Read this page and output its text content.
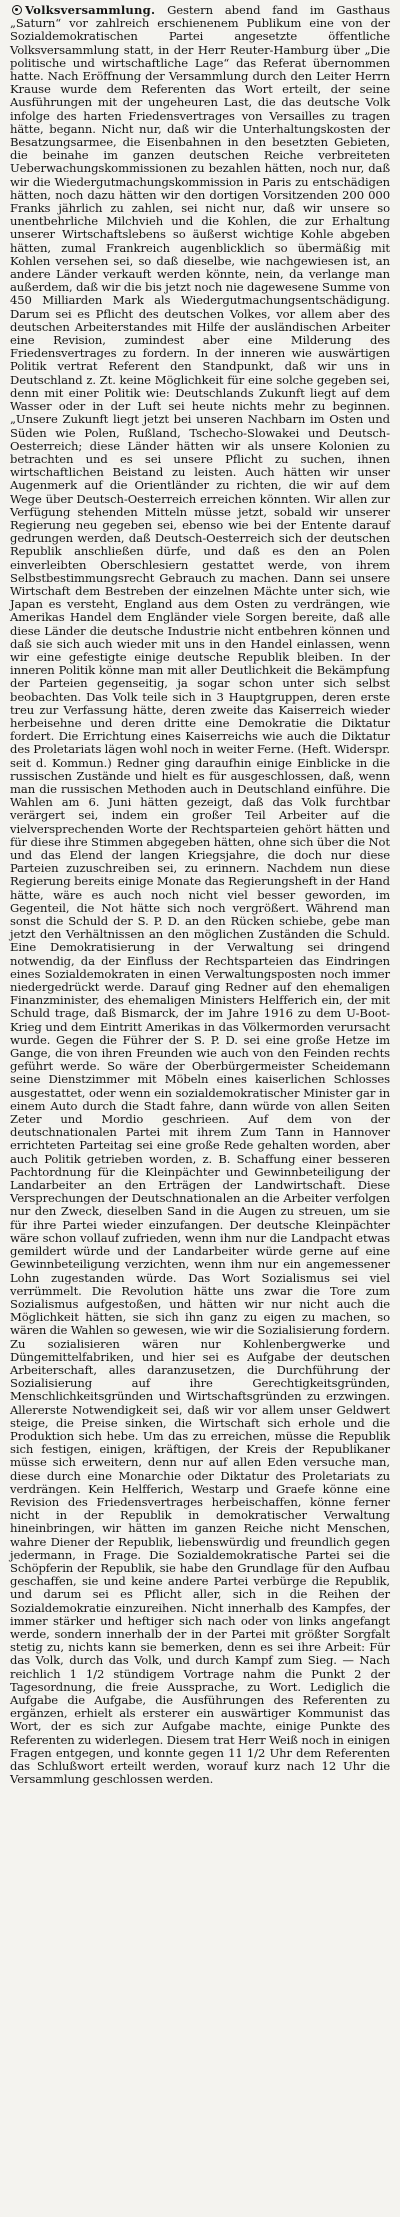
Volksversammlung. Gestern abend fand im Gasthaus „Saturn“ vor zahlreich erschienenem Publikum eine von der Sozialdemokratischen Partei angesetzte öffentliche Volksversammlung statt, in der Herr Reuter-Hamburg über „Die politische und wirtschaftliche Lage“ das Referat übernommen hatte. Nach Eröffnung der Versammlung durch den Leiter Herrn Krause wurde dem Referenten das Wort erteilt, der seine Ausführungen mit der ungeheuren Last, die das deutsche Volk infolge des harten Friedensvertrages von Versailles zu tragen hätte, begann. Nicht nur, daß wir die Unterhaltungskosten der Besatzungsarmee, die Eisenbahnen in den besetzten Gebieten, die beinahe im ganzen deutschen Reiche verbreiteten Ueberwachungskommissionen zu bezahlen hätten, noch nur, daß wir die Wiedergutmachungskommission in Paris zu entschädigen hätten, noch dazu hätten wir den dortigen Vorsitzenden 200 000 Franks jährlich zu zahlen, sei nicht nur, daß wir unsere so unentbehrliche Milchvieh und die Kohlen, die zur Erhaltung unserer Wirtschaftslebens so äußerst wichtige Kohle abgeben hätten, zumal Frankreich augenblicklich so übermäßig mit Kohlen versehen sei, so daß dieselbe, wie nachgewiesen ist, an andere Länder verkauft werden könnte, nein, da verlange man außerdem, daß wir die bis jetzt noch nie dagewesene Summe von 450 Milliarden Mark als Wiedergutmachungsentschädigung. Darum sei es Pflicht des deutschen Volkes, vor allem aber des deutschen Arbeiterstandes mit Hilfe der ausländischen Arbeiter eine Revision, zumindest aber eine Milderung des Friedensvertrages zu fordern. In der inneren wie auswärtigen Politik vertrat Referent den Standpunkt, daß wir uns in Deutschland z. Zt. keine Möglichkeit für eine solche gegeben sei, denn mit einer Politik wie: Deutschlands Zukunft liegt auf dem Wasser oder in der Luft sei heute nichts mehr zu beginnen. „Unsere Zukunft liegt jetzt bei unseren Nachbarn im Osten und Süden wie Polen, Rußland, Tschecho-Slowakei und Deutsch-Oesterreich; diese Länder hätten wir als unsere Kolonien zu betrachten und es sei unsere Pflicht zu suchen, ihnen wirtschaftlichen Beistand zu leisten. Auch hätten wir unser Augenmerk auf die Orientländer zu richten, die wir auf dem Wege über Deutsch-Oesterreich erreichen könnten. Wir allen zur Verfügung stehenden Mitteln müsse jetzt, sobald wir unserer Regierung neu gegeben sei, ebenso wie bei der Entente darauf gedrungen werden, daß Deutsch-Oesterreich sich der deutschen Republik anschließen dürfe, und daß es den an Polen einverleibten Oberschlesiern gestattet werde, von ihrem Selbstbestimmungsrecht Gebrauch zu machen. Dann sei unsere Wirtschaft dem Bestreben der einzelnen Mächte unter sich, wie Japan es versteht, England aus dem Osten zu verdrängen, wie Amerikas Handel dem Engländer viele Sorgen bereite, daß alle diese Länder die deutsche Industrie nicht entbehren können und daß sie sich auch wieder mit uns in den Handel einlassen, wenn wir eine gefestigte einige deutsche Republik bleiben. In der inneren Politik könne man mit aller Deutlichkeit die Bekämpfung der Parteien gegenseitig, ja sogar schon unter sich selbst beobachten. Das Volk teile sich in 3 Hauptgruppen, deren erste treu zur Verfassung hätte, deren zweite das Kaiserreich wieder herbeisehne und deren dritte eine Demokratie die Diktatur fordert. Die Errichtung eines Kaiserreichs wie auch die Diktatur des Proletariats lägen wohl noch in weiter Ferne. (Heft. Widerspr. seit d. Kommun.) Redner ging daraufhin einige Einblicke in die russischen Zustände und hielt es für ausgeschlossen, daß, wenn man die russischen Methoden auch in Deutschland einführe. Die Wahlen am 6. Juni hätten gezeigt, daß das Volk furchtbar verärgert sei, indem ein großer Teil Arbeiter auf die vielversprechenden Worte der Rechtsparteien gehört hätten und für diese ihre Stimmen abgegeben hätten, ohne sich über die Not und das Elend der langen Kriegsjahre, die doch nur diese Parteien zuzuschreiben sei, zu erinnern. Nachdem nun diese Regierung bereits einige Monate das Regierungsheft in der Hand hätte, wäre es auch noch nicht viel besser geworden, im Gegenteil, die Not hätte sich noch vergrößert. Während man sonst die Schuld der S. P. D. an den Rücken schiebe, gebe man jetzt den Verhältnissen an den möglichen Zuständen die Schuld. Eine Demokratisierung in der Verwaltung sei dringend notwendig, da der Einfluss der Rechtsparteien das Eindringen eines Sozialdemokraten in einen Verwaltungsposten noch immer niedergedrückt werde. Darauf ging Redner auf den ehemaligen Finanzminister, des ehemaligen Ministers Helfferich ein, der mit Schuld trage, daß Bismarck, der im Jahre 1916 zu dem U-Boot-Krieg und dem Eintritt Amerikas in das Völkermorden verursacht wurde. Gegen die Führer der S. P. D. sei eine große Hetze im Gange, die von ihren Freunden wie auch von den Feinden rechts geführt werde. So wäre der Oberbürgermeister Scheidemann seine Dienstzimmer mit Möbeln eines kaiserlichen Schlosses ausgestattet, oder wenn ein sozialdemokratischer Minister gar in einem Auto durch die Stadt fahre, dann würde von allen Seiten Zeter und Mordio geschrieen. Auf dem von der deutschnationalen Partei mit ihrem Zum Tann in Hannover errichteten Parteitag sei eine große Rede gehalten worden, aber auch Politik getrieben worden, z. B. Schaffung einer besseren Pachtordnung für die Kleinpächter und Gewinnbeteiligung der Landarbeiter an den Erträgen der Landwirtschaft. Diese Versprechungen der Deutschnationalen an die Arbeiter verfolgen nur den Zweck, dieselben Sand in die Augen zu streuen, um sie für ihre Partei wieder einzufangen. Der deutsche Kleinpächter wäre schon vollauf zufrieden, wenn ihm nur die Landpacht etwas gemildert würde und der Landarbeiter würde gerne auf eine Gewinnbeteiligung verzichten, wenn ihm nur ein angemessener Lohn zugestanden würde. Das Wort Sozialismus sei viel verrümmelt. Die Revolution hätte uns zwar die Tore zum Sozialismus aufgestoßen, und hätten wir nur nicht auch die Möglichkeit hätten, sie sich ihn ganz zu eigen zu machen, so wären die Wahlen so gewesen, wie wir die Sozialisierung fordern. Zu sozialisieren wären nur Kohlenbergwerke und Düngemittelfabriken, und hier sei es Aufgabe der deutschen Arbeiterschaft, alles daranzusetzen, die Durchführung der Sozialisierung auf ihre Gerechtigkeitsgründen, Menschlichkeitsgründen und Wirtschaftsgründen zu erzwingen. Allererste Notwendigkeit sei, daß wir vor allem unser Geldwert steige, die Preise sinken, die Wirtschaft sich erhole und die Produktion sich hebe. Um das zu erreichen, müsse die Republik sich festigen, einigen, kräftigen, der Kreis der Republikaner müsse sich erweitern, denn nur auf allen Eden versuche man, diese durch eine Monarchie oder Diktatur des Proletariats zu verdrängen. Kein Helfferich, Westarp und Graefe könne eine Revision des Friedensvertrages herbeischaffen, könne ferner nicht in der Republik in demokratischer Verwaltung hineinbringen, wir hätten im ganzen Reiche nicht Menschen, wahre Diener der Republik, liebenswürdig und freundlich gegen jedermann, in Frage. Die Sozialdemokratische Partei sei die Schöpferin der Republik, sie habe den Grundlage für den Aufbau geschaffen, sie und keine andere Partei verbürge die Republik, und darum sei es Pflicht aller, sich in die Reihen der Sozialdemokratie einzureihen. Nicht innerhalb des Kampfes, der immer stärker und heftiger sich nach oder von links angefangt werde, sondern innerhalb der in der Partei mit größter Sorgfalt stetig zu, nichts kann sie bemerken, denn es sei ihre Arbeit: Für das Volk, durch das Volk, und durch Kampf zum Sieg. — Nach reichlich 1 1/2 stündigem Vortrage nahm die Punkt 2 der Tagesordnung, die freie Aussprache, zu Wort. Lediglich die Aufgabe die Aufgabe, die Ausführungen des Referenten zu ergänzen, erhielt als ersterer ein auswärtiger Kommunist das Wort, der es sich zur Aufgabe machte, einige Punkte des Referenten zu widerlegen. Diesem trat Herr Weiß noch in einigen Fragen entgegen, und konnte gegen 11 1/2 Uhr dem Referenten das Schlußwort erteilt werden, worauf kurz nach 12 Uhr die Versammlung geschlossen werden.
